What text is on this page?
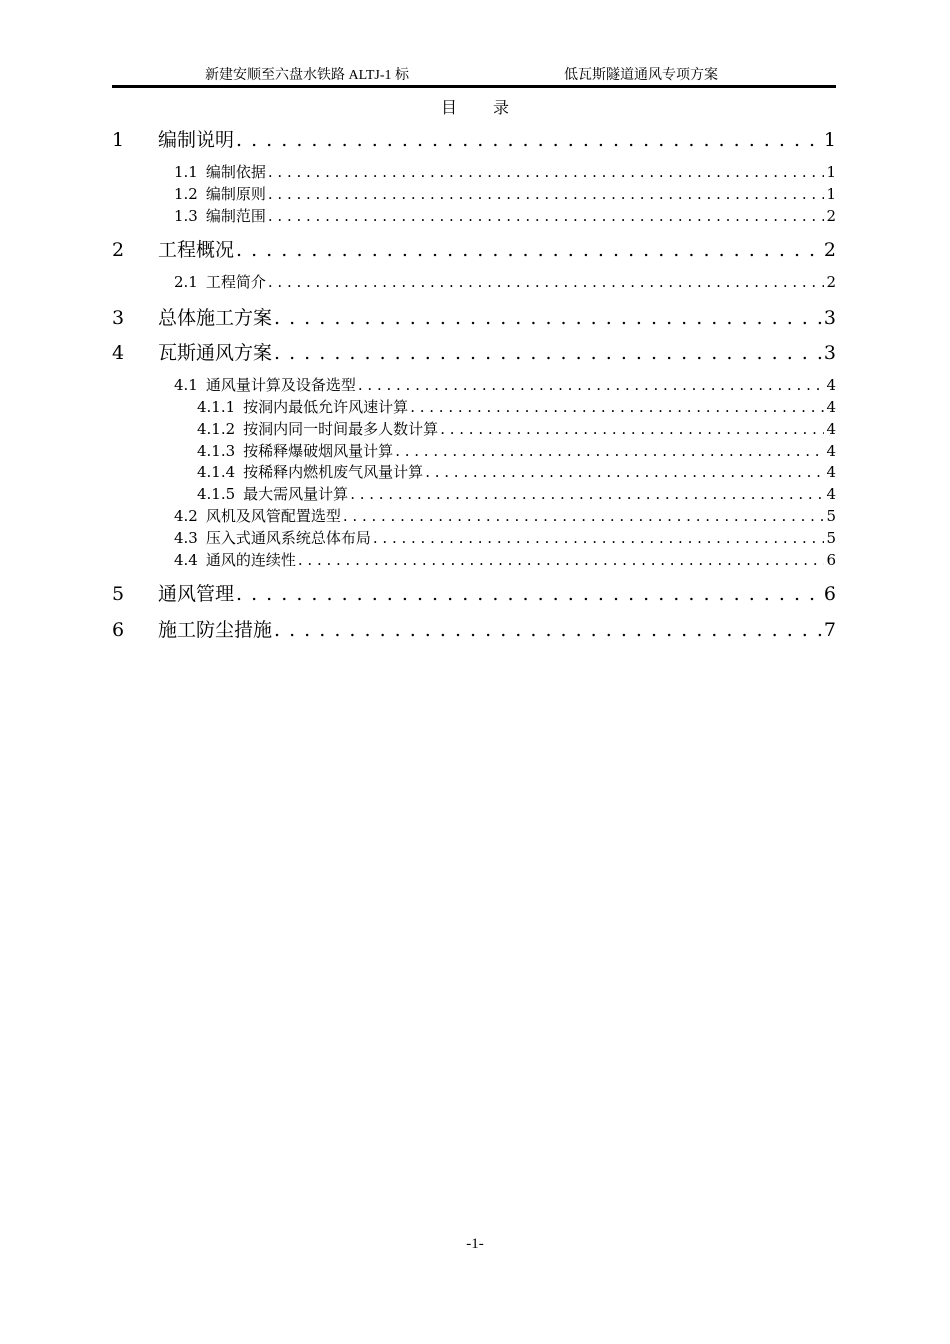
新建安顺至六盘水铁路 ALTJ-1 标	低瓦斯隧道通风专项方案
目录
1	编制说明 . . .	1
1.1 编制依据 . . .	1
1.2 编制原则 . . .	1
1.3 编制范围 . . .	2
2	工程概况 . . .	2
2.1 工程简介 . . .	2
3	总体施工方案 . . .	3
4	瓦斯通风方案 . . .	3
4.1 通风量计算及设备选型 . . .	4
4.1.1 按洞内最低允许风速计算 . . .	4
4.1.2 按洞内同一时间最多人数计算 . . .	4
4.1.3 按稀释爆破烟风量计算 . . .	4
4.1.4 按稀释内燃机废气风量计算 . . .	4
4.1.5 最大需风量计算 . . .	4
4.2 风机及风管配置选型 . . .	5
4.3 压入式通风系统总体布局 . . .	5
4.4 通风的连续性 . . .	6
5	通风管理 . . .	6
6	施工防尘措施 . . .	7
-1-
